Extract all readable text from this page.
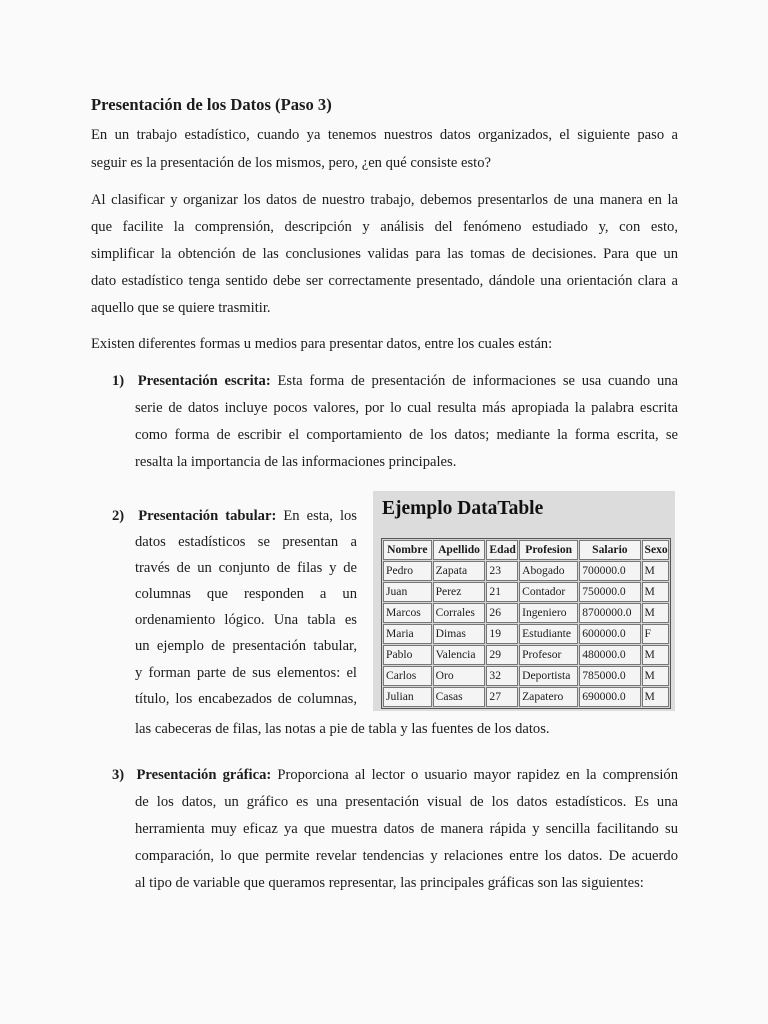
Presentación de los Datos (Paso 3)
En un trabajo estadístico, cuando ya tenemos nuestros datos organizados, el siguiente paso a
seguir es la presentación de los mismos, pero, ¿en qué consiste esto?
Al clasificar y organizar los datos de nuestro trabajo, debemos presentarlos de una manera en la
que facilite la comprensión, descripción y análisis del fenómeno estudiado y, con esto,
simplificar la obtención de las conclusiones validas para las tomas de decisiones. Para que un
dato estadístico tenga sentido debe ser correctamente presentado, dándole una orientación clara a
aquello que se quiere trasmitir.
Existen diferentes formas u medios para presentar datos, entre los cuales están:
1) Presentación escrita: Esta forma de presentación de informaciones se usa cuando una
serie de datos incluye pocos valores, por lo cual resulta más apropiada la palabra escrita
como forma de escribir el comportamiento de los datos; mediante la forma escrita, se
resalta la importancia de las informaciones principales.
2) Presentación tabular: En esta, los
datos estadísticos se presentan a
través de un conjunto de filas y de
columnas que responden a un
ordenamiento lógico. Una tabla es
un ejemplo de presentación tabular,
y forman parte de sus elementos: el
título, los encabezados de columnas,
las cabeceras de filas, las notas a pie de tabla y las fuentes de los datos.
Ejemplo DataTable
Nombre	Apellido	Edad	Profesion	Salario	Sexo
Pedro	Zapata	23	Abogado	700000.0	M
Juan	Perez	21	Contador	750000.0	M
Marcos	Corrales	26	Ingeniero	8700000.0	M
Maria	Dimas	19	Estudiante	600000.0	F
Pablo	Valencia	29	Profesor	480000.0	M
Carlos	Oro	32	Deportista	785000.0	M
Julian	Casas	27	Zapatero	690000.0	M
3) Presentación gráfica: Proporciona al lector o usuario mayor rapidez en la comprensión
de los datos, un gráfico es una presentación visual de los datos estadísticos. Es una
herramienta muy eficaz ya que muestra datos de manera rápida y sencilla facilitando su
comparación, lo que permite revelar tendencias y relaciones entre los datos. De acuerdo
al tipo de variable que queramos representar, las principales gráficas son las siguientes:
